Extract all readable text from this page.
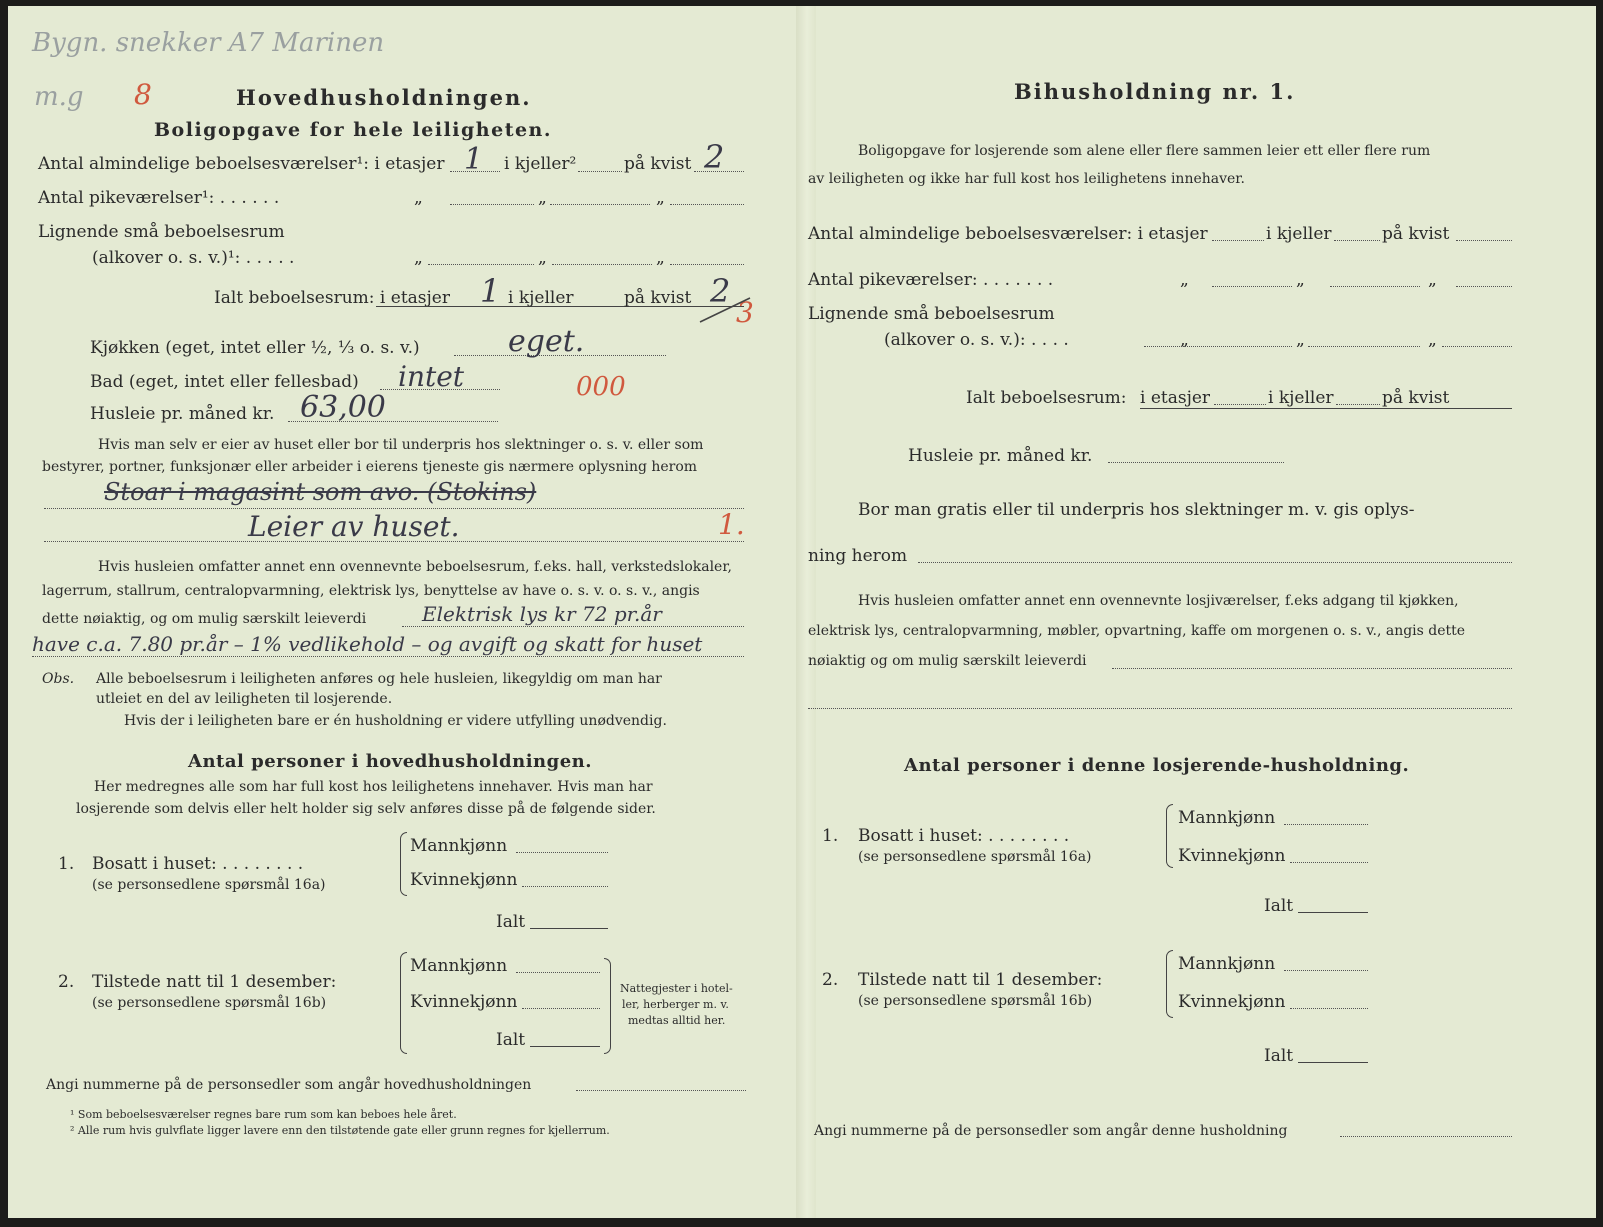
Bygn. snekker A7 Marinen
m.g 8	Hovedhusholdningen.
Boligopgave for hele leiligheten.
Antal almindelige beboelsesværelser¹: i etasjer 1 i kjeller²	på kvist 2
Antal pikeværelser¹: . . . . . .	„	„	„
Lignende små beboelsesrum
(alkover o. s. v.)¹: . . . . .	„	„	„
Ialt beboelsesrum: i etasjer 1 i kjeller	på kvist 2
3
Kjøkken (eget, intet eller ½, ⅓ o. s. v.)	eget.
Bad (eget, intet eller fellesbad) intet	000
Husleie pr. måned kr. 63,00
Hvis man selv er eier av huset eller bor til underpris hos slektninger o. s. v. eller som
bestyrer, portner, funksjonær eller arbeider i eierens tjeneste gis nærmere oplysning herom
Stoar i magasint som avo. (Stokins)
Leier av huset.	1.
Hvis husleien omfatter annet enn ovennevnte beboelsesrum, f.eks. hall, verkstedslokaler,
lagerrum, stallrum, centralopvarmning, elektrisk lys, benyttelse av have o. s. v. o. s. v., angis
dette nøiaktig, og om mulig særskilt leieverdi	Elektrisk lys kr 72 pr.år
have c.a. 7.80 pr.år – 1% vedlikehold – og avgift og skatt for huset
Obs. Alle beboelsesrum i leiligheten anføres og hele husleien, likegyldig om man har
utleiet en del av leiligheten til losjerende.
Hvis der i leiligheten bare er én husholdning er videre utfylling unødvendig.
Antal personer i hovedhusholdningen.
Her medregnes alle som har full kost hos leilighetens innehaver. Hvis man har
losjerende som delvis eller helt holder sig selv anføres disse på de følgende sider.
1. Bosatt i huset: . . . . . . . .
(se personsedlene spørsmål 16a)
Mannkjønn
Kvinnekjønn
Ialt
2. Tilstede natt til 1 desember:
(se personsedlene spørsmål 16b)
Mannkjønn
Kvinnekjønn
Ialt
Nattegjester i hotel-
ler, herberger m. v.
medtas alltid her.
Angi nummerne på de personsedler som angår hovedhusholdningen
¹ Som beboelsesværelser regnes bare rum som kan beboes hele året.
² Alle rum hvis gulvflate ligger lavere enn den tilstøtende gate eller grunn regnes for kjellerrum.
Bihusholdning nr. 1.
Boligopgave for losjerende som alene eller flere sammen leier ett eller flere rum
av leiligheten og ikke har full kost hos leilighetens innehaver.
Antal almindelige beboelsesværelser: i etasjer	i kjeller	på kvist
Antal pikeværelser: . . . . . . .	„	„	„
Lignende små beboelsesrum
(alkover o. s. v.): . . . .	„	„	„
Ialt beboelsesrum: i etasjer	i kjeller	på kvist
Husleie pr. måned kr.
Bor man gratis eller til underpris hos slektninger m. v. gis oplys-
ning herom
Hvis husleien omfatter annet enn ovennevnte losjiværelser, f.eks adgang til kjøkken,
elektrisk lys, centralopvarmning, møbler, opvartning, kaffe om morgenen o. s. v., angis dette
nøiaktig og om mulig særskilt leieverdi
Antal personer i denne losjerende-husholdning.
1. Bosatt i huset: . . . . . . . .
(se personsedlene spørsmål 16a)
Mannkjønn
Kvinnekjønn
Ialt
2. Tilstede natt til 1 desember:
(se personsedlene spørsmål 16b)
Mannkjønn
Kvinnekjønn
Ialt
Angi nummerne på de personsedler som angår denne husholdning
